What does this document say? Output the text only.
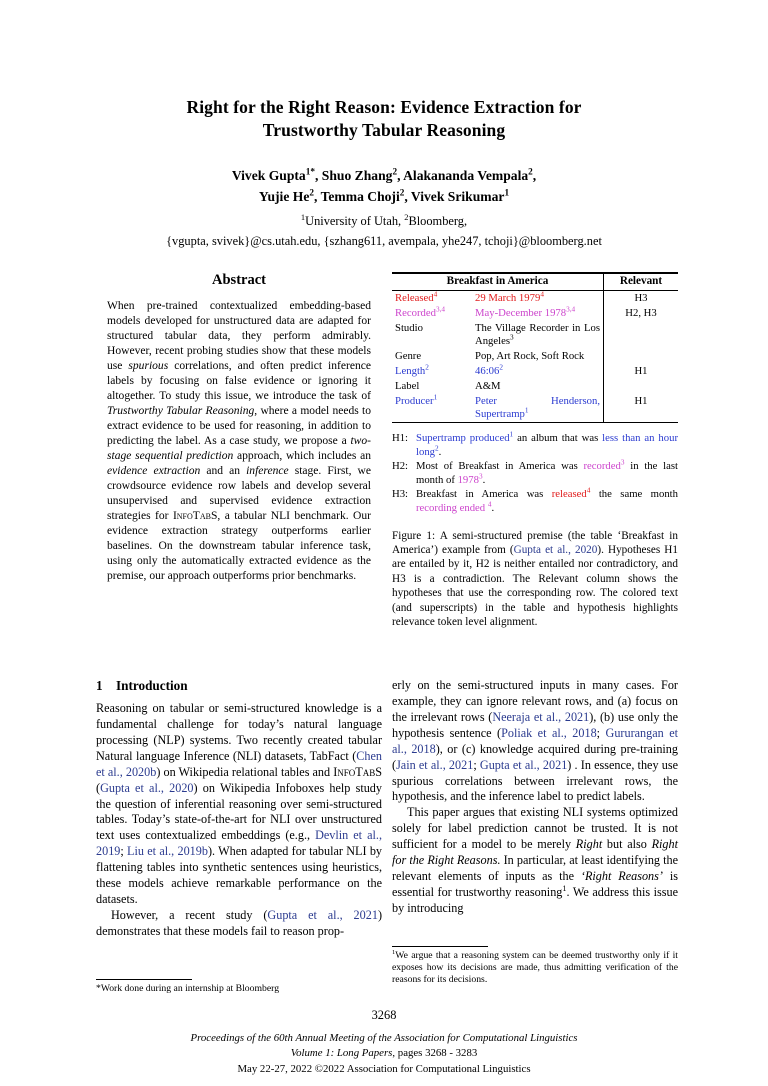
Right for the Right Reason: Evidence Extraction for
Trustworthy Tabular Reasoning
Vivek Gupta$^{1*}$, Shuo Zhang$^2$, Alakananda Vempala$^2$,
Yujie He$^2$, Temma Choji$^2$, Vivek Srikumar$^1$
$^1$University of Utah, $^2$Bloomberg,
{vgupta, svivek}@cs.utah.edu, {szhang611, avempala, yhe247, tchoji}@bloomberg.net
Abstract
When pre-trained contextualized embedding-based models developed for unstructured data are adapted for structured tabular data, they perform admirably. However, recent probing studies show that these models use spurious correlations, and often predict inference labels by focusing on false evidence or ignoring it altogether. To study this issue, we introduce the task of Trustworthy Tabular Reasoning, where a model needs to extract evidence to be used for reasoning, in addition to predicting the label. As a case study, we propose a two-stage sequential prediction approach, which includes an evidence extraction and an inference stage. First, we crowdsource evidence row labels and develop several unsupervised and supervised evidence extraction strategies for InfoTabS, a tabular NLI benchmark. Our evidence extraction strategy outperforms earlier baselines. On the downstream tabular inference task, using only the automatically extracted evidence as the premise, our approach outperforms prior benchmarks.
Breakfast in America		Relevant
Released$^4$	29 March 1979$^4$	H3
Recorded$^{3,4}$	May-December 1978$^{3,4}$	H2, H3
Studio	The Village Recorder in Los Angeles$^3$	
Genre	Pop, Art Rock, Soft Rock	
Length$^2$	$46:06^2$	H1
Label	A&M	
Producer$^1$	Peter Henderson, Supertramp$^1$	H1

H1: Supertramp produced$^1$ an album that was less than an hour long$^2$.
H2: Most of Breakfast in America was recorded$^3$ in the last month of 1978$^3$.
H3: Breakfast in America was released$^4$ the same month recording ended $^4$.
Figure 1: A semi-structured premise (the table ‘Breakfast in America’) example from (Gupta et al., 2020). Hypotheses H1 are entailed by it, H2 is neither entailed nor contradictory, and H3 is a contradiction. The Relevant column shows the hypotheses that use the corresponding row. The colored text (and superscripts) in the table and hypothesis highlights relevance token level alignment.
1 Introduction

Reasoning on tabular or semi-structured knowledge is a fundamental challenge for today’s natural language processing (NLP) systems. Two recently created tabular Natural language Inference (NLI) datasets, TabFact (Chen et al., 2020b) on Wikipedia relational tables and InfoTabS (Gupta et al., 2020) on Wikipedia Infoboxes help study the question of inferential reasoning over semi-structured tables. Today’s state-of-the-art for NLI over unstructured text uses contextualized embeddings (e.g., Devlin et al., 2019; Liu et al., 2019b). When adapted for tabular NLI by flattening tables into synthetic sentences using heuristics, these models achieve remarkable performance on the datasets.

However, a recent study (Gupta et al., 2021) demonstrates that these models fail to reason prop-

erly on the semi-structured inputs in many cases. For example, they can ignore relevant rows, and (a) focus on the irrelevant rows (Neeraja et al., 2021), (b) use only the hypothesis sentence (Poliak et al., 2018; Gururangan et al., 2018), or (c) knowledge acquired during pre-training (Jain et al., 2021; Gupta et al., 2021) . In essence, they use spurious correlations between irrelevant rows, the hypothesis, and the inference label to predict labels.

This paper argues that existing NLI systems optimized solely for label prediction cannot be trusted. It is not sufficient for a model to be merely Right but also Right for the Right Reasons. In particular, at least identifying the relevant elements of inputs as the ‘Right Reasons’ is essential for trustworthy reasoning$^1$. We address this issue by introducing

*Work done during an internship at Bloomberg
$^1$We argue that a reasoning system can be deemed trustworthy only if it exposes how its decisions are made, thus admitting verification of the reasons for its decisions.
3268
Proceedings of the 60th Annual Meeting of the Association for Computational Linguistics
Volume 1: Long Papers, pages 3268 - 3283
May 22-27, 2022 ©2022 Association for Computational Linguistics
